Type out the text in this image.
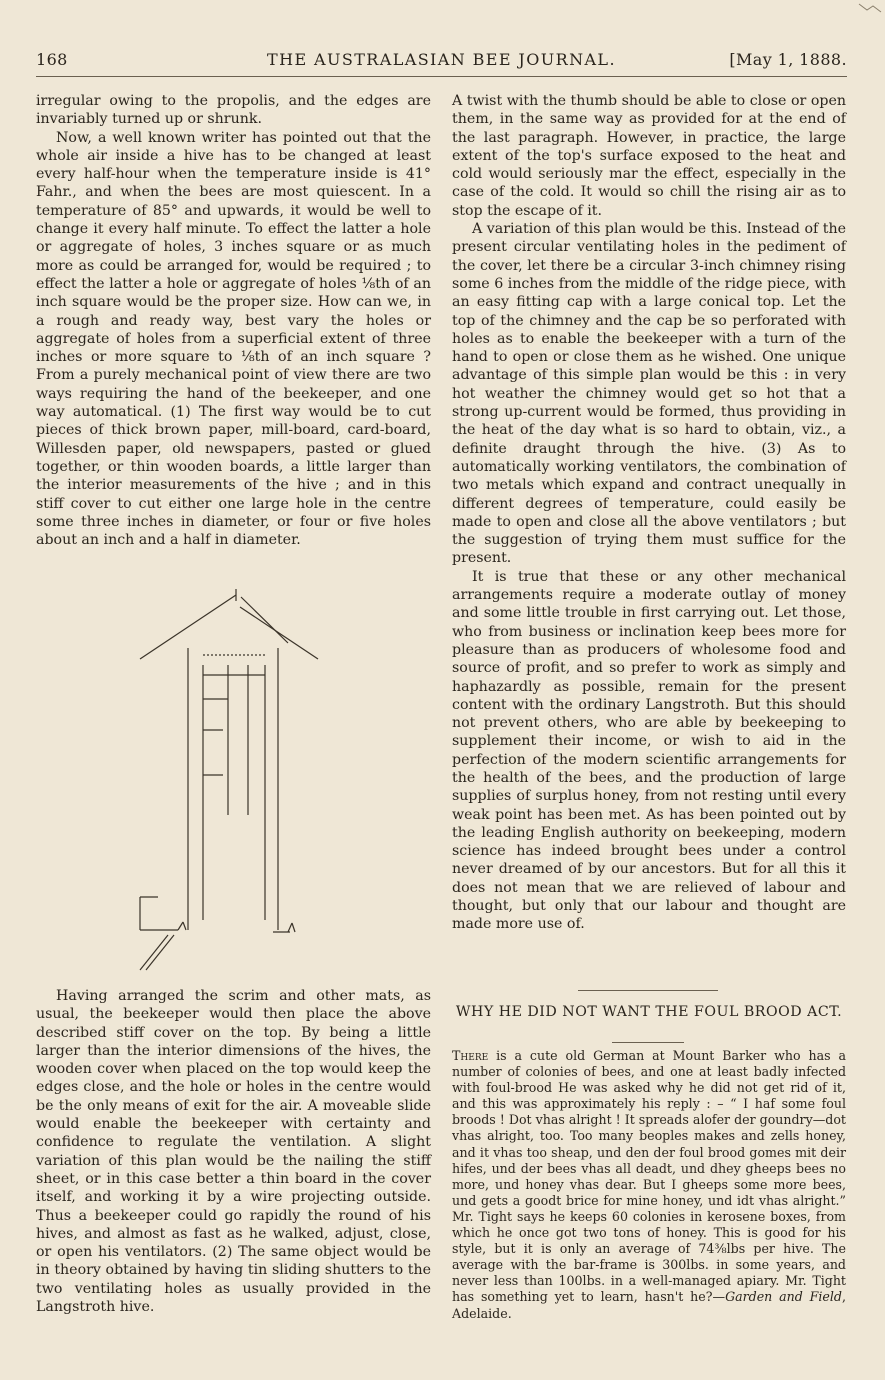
168	THE AUSTRALASIAN BEE JOURNAL.	[May 1, 1888.

irregular owing to the propolis, and the edges are invariably turned up or shrunk.

Now, a well known writer has pointed out that the whole air inside a hive has to be changed at least every half-hour when the temperature inside is 41° Fahr., and when the bees are most quiescent. In a temperature of 85° and upwards, it would be well to change it every half minute. To effect the latter a hole or aggregate of holes, 3 inches square or as much more as could be arranged for, would be required ; to effect the latter a hole or aggregate of holes ⅛th of an inch square would be the proper size. How can we, in a rough and ready way, best vary the holes or aggregate of holes from a superficial extent of three inches or more square to ⅛th of an inch square ? From a purely mechanical point of view there are two ways requiring the hand of the beekeeper, and one way automatical. (1) The first way would be to cut pieces of thick brown paper, mill-board, card-board, Willesden paper, old newspapers, pasted or glued together, or thin wooden boards, a little larger than the interior measurements of the hive ; and in this stiff cover to cut either one large hole in the centre some three inches in diameter, or four or five holes about an inch and a half in diameter.

Having arranged the scrim and other mats, as usual, the beekeeper would then place the above described stiff cover on the top. By being a little larger than the interior dimensions of the hives, the wooden cover when placed on the top would keep the edges close, and the hole or holes in the centre would be the only means of exit for the air. A moveable slide would enable the beekeeper with certainty and confidence to regulate the ventilation. A slight variation of this plan would be the nailing the stiff sheet, or in this case better a thin board in the cover itself, and working it by a wire projecting outside. Thus a beekeeper could go rapidly the round of his hives, and almost as fast as he walked, adjust, close, or open his ventilators. (2) The same object would be in theory obtained by having tin sliding shutters to the two ventilating holes as usually provided in the Langstroth hive.

A twist with the thumb should be able to close or open them, in the same way as provided for at the end of the last paragraph. However, in practice, the large extent of the top's surface exposed to the heat and cold would seriously mar the effect, especially in the case of the cold. It would so chill the rising air as to stop the escape of it.

A variation of this plan would be this. Instead of the present circular ventilating holes in the pediment of the cover, let there be a circular 3-inch chimney rising some 6 inches from the middle of the ridge piece, with an easy fitting cap with a large conical top. Let the top of the chimney and the cap be so perforated with holes as to enable the beekeeper with a turn of the hand to open or close them as he wished. One unique advantage of this simple plan would be this : in very hot weather the chimney would get so hot that a strong up-current would be formed, thus providing in the heat of the day what is so hard to obtain, viz., a definite draught through the hive. (3) As to automatically working ventilators, the combination of two metals which expand and contract unequally in different degrees of temperature, could easily be made to open and close all the above ventilators ; but the suggestion of trying them must suffice for the present.

It is true that these or any other mechanical arrangements require a moderate outlay of money and some little trouble in first carrying out. Let those, who from business or inclination keep bees more for pleasure than as producers of wholesome food and source of profit, and so prefer to work as simply and haphazardly as possible, remain for the present content with the ordinary Langstroth. But this should not prevent others, who are able by beekeeping to supplement their income, or wish to aid in the perfection of the modern scientific arrangements for the health of the bees, and the production of large supplies of surplus honey, from not resting until every weak point has been met. As has been pointed out by the leading English authority on beekeeping, modern science has indeed brought bees under a control never dreamed of by our ancestors. But for all this it does not mean that we are relieved of labour and thought, but only that our labour and thought are made more use of.

WHY HE DID NOT WANT THE FOUL BROOD ACT.

There is a cute old German at Mount Barker who has a number of colonies of bees, and one at least badly infected with foul-brood He was asked why he did not get rid of it, and this was approximately his reply : – “ I haf some foul broods ! Dot vhas alright ! It spreads alofer der goundry—dot vhas alright, too. Too many beoples makes and zells honey, and it vhas too sheap, und den der foul brood gomes mit deir hifes, und der bees vhas all deadt, und dhey gheeps bees no more, und honey vhas dear. But I gheeps some more bees, und gets a goodt brice for mine honey, und idt vhas alright.” Mr. Tight says he keeps 60 colonies in kerosene boxes, from which he once got two tons of honey. This is good for his style, but it is only an average of 74⅜lbs per hive. The average with the bar-frame is 300lbs. in some years, and never less than 100lbs. in a well-managed apiary. Mr. Tight has something yet to learn, hasn't he?—Garden and Field, Adelaide.
